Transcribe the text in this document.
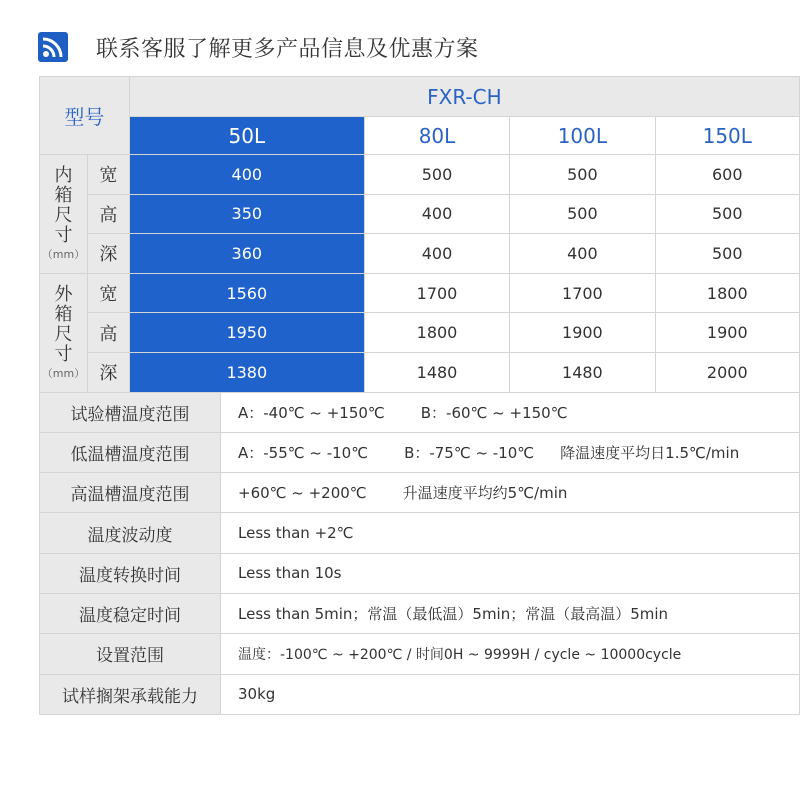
联系客服了解更多产品信息及优惠方案
型号		FXR-CH				
		50L		80L	100L	150L

内
箱
尺
寸
（mm）	宽	400		500	500	600
	高	350		400	500	500
	深	360		400	400	500

外
箱
尺
寸
（mm）	宽	1560		1700	1700	1800
	高	1950		1800	1900	1900
	深	1380		1480	1480	2000
试验槽温度范围			A：-40℃ ~ +150℃ B：-60℃ ~ +150℃			
低温槽温度范围			A：-55℃ ~ -10℃ B：-75℃ ~ -10℃ 降温速度平均日1.5℃/min			
高温槽温度范围			+60℃ ~ +200℃ 升温速度平均约5℃/min			
温度波动度			Less than +2℃			
温度转换时间			Less than 10s			
温度稳定时间			Less than 5min；常温（最低温）5min；常温（最高温）5min			
设置范围			温度：-100℃ ~ +200℃ / 时间0H ~ 9999H / cycle ~ 10000cycle			
试样搁架承载能力			30kg			
